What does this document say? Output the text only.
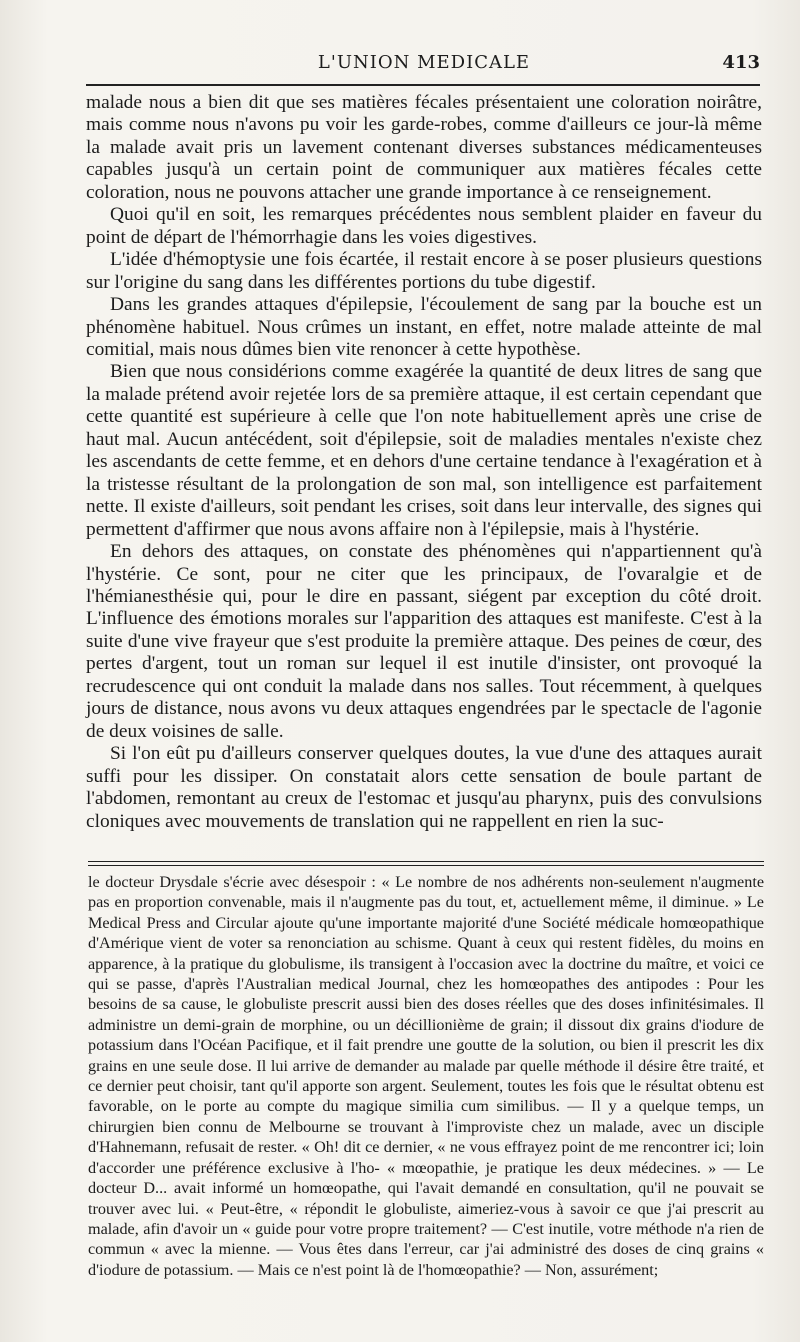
L'UNION MEDICALE	413

malade nous a bien dit que ses matières fécales présentaient une coloration noirâtre, mais comme nous n'avons pu voir les garde-robes, comme d'ailleurs ce jour-là même la malade avait pris un lavement contenant diverses substances médicamenteuses capables jusqu'à un certain point de communiquer aux matières fécales cette coloration, nous ne pouvons attacher une grande importance à ce renseignement.

Quoi qu'il en soit, les remarques précédentes nous semblent plaider en faveur du point de départ de l'hémorrhagie dans les voies digestives.

L'idée d'hémoptysie une fois écartée, il restait encore à se poser plusieurs questions sur l'origine du sang dans les différentes portions du tube digestif.

Dans les grandes attaques d'épilepsie, l'écoulement de sang par la bouche est un phénomène habituel. Nous crûmes un instant, en effet, notre malade atteinte de mal comitial, mais nous dûmes bien vite renoncer à cette hypothèse.

Bien que nous considérions comme exagérée la quantité de deux litres de sang que la malade prétend avoir rejetée lors de sa première attaque, il est certain cependant que cette quantité est supérieure à celle que l'on note habituellement après une crise de haut mal. Aucun antécédent, soit d'épilepsie, soit de maladies mentales n'existe chez les ascendants de cette femme, et en dehors d'une certaine tendance à l'exagération et à la tristesse résultant de la prolongation de son mal, son intelligence est parfaitement nette. Il existe d'ailleurs, soit pendant les crises, soit dans leur intervalle, des signes qui permettent d'affirmer que nous avons affaire non à l'épilepsie, mais à l'hystérie.

En dehors des attaques, on constate des phénomènes qui n'appartiennent qu'à l'hystérie. Ce sont, pour ne citer que les principaux, de l'ovaralgie et de l'hémianesthésie qui, pour le dire en passant, siégent par exception du côté droit. L'influence des émotions morales sur l'apparition des attaques est manifeste. C'est à la suite d'une vive frayeur que s'est produite la première attaque. Des peines de cœur, des pertes d'argent, tout un roman sur lequel il est inutile d'insister, ont provoqué la recrudescence qui ont conduit la malade dans nos salles. Tout récemment, à quelques jours de distance, nous avons vu deux attaques engendrées par le spectacle de l'agonie de deux voisines de salle.

Si l'on eût pu d'ailleurs conserver quelques doutes, la vue d'une des attaques aurait suffi pour les dissiper. On constatait alors cette sensation de boule partant de l'abdomen, remontant au creux de l'estomac et jusqu'au pharynx, puis des convulsions cloniques avec mouvements de translation qui ne rappellent en rien la suc-

le docteur Drysdale s'écrie avec désespoir : « Le nombre de nos adhérents non-seulement n'augmente pas en proportion convenable, mais il n'augmente pas du tout, et, actuellement même, il diminue. » Le Medical Press and Circular ajoute qu'une importante majorité d'une Société médicale homœopathique d'Amérique vient de voter sa renonciation au schisme. Quant à ceux qui restent fidèles, du moins en apparence, à la pratique du globulisme, ils transigent à l'occasion avec la doctrine du maître, et voici ce qui se passe, d'après l'Australian medical Journal, chez les homœopathes des antipodes : Pour les besoins de sa cause, le globuliste prescrit aussi bien des doses réelles que des doses infinitésimales. Il administre un demi-grain de morphine, ou un décillionième de grain; il dissout dix grains d'iodure de potassium dans l'Océan Pacifique, et il fait prendre une goutte de la solution, ou bien il prescrit les dix grains en une seule dose. Il lui arrive de demander au malade par quelle méthode il désire être traité, et ce dernier peut choisir, tant qu'il apporte son argent. Seulement, toutes les fois que le résultat obtenu est favorable, on le porte au compte du magique similia cum similibus. — Il y a quelque temps, un chirurgien bien connu de Melbourne se trouvant à l'improviste chez un malade, avec un disciple d'Hahnemann, refusait de rester. « Oh! dit ce dernier, « ne vous effrayez point de me rencontrer ici; loin d'accorder une préférence exclusive à l'ho- « mœopathie, je pratique les deux médecines. » — Le docteur D... avait informé un homœopathe, qui l'avait demandé en consultation, qu'il ne pouvait se trouver avec lui. « Peut-être, « répondit le globuliste, aimeriez-vous à savoir ce que j'ai prescrit au malade, afin d'avoir un « guide pour votre propre traitement? — C'est inutile, votre méthode n'a rien de commun « avec la mienne. — Vous êtes dans l'erreur, car j'ai administré des doses de cinq grains « d'iodure de potassium. — Mais ce n'est point là de l'homœopathie? — Non, assurément;
